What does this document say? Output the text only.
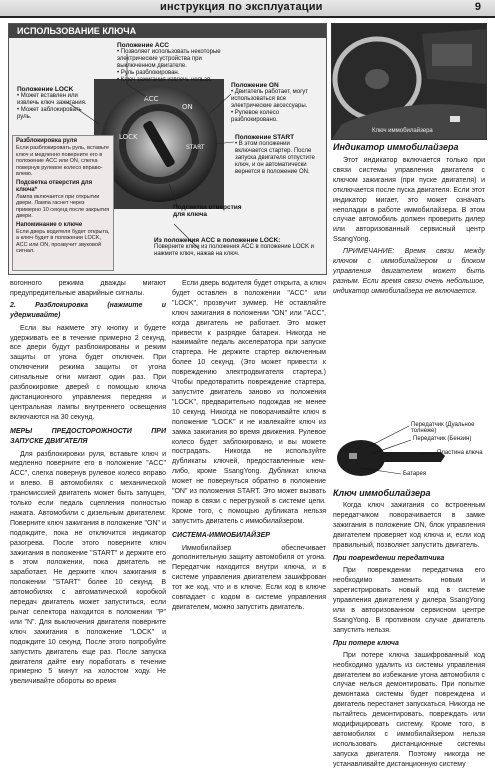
инструкция по эксплуатации	9
ИСПОЛЬЗОВАНИЕ КЛЮЧА
LOCK
ACC
ON
START
Положение ACC
• Позволяет использовать некоторые электрические устройства при выключенном двигателе.
• Руль разблокирован.
• Ключ зажигания извлечь нельзя.
Положение ON
• Двигатель работает, могут использоваться все электрические аксессуары.
• Рулевое колесо разблокировано.
Положение LOCK
• Может вставлен или извлечь ключ зажигания.
• Может заблокировать руль.
Положение START
• В этом положении включается стартер. После запуска двигателя отпустите ключ, и он автоматически вернется в положение ON.
Подсветка отверстия для ключа
Из положения ACC в положение LOCK:
Поверните ключ из положения ACC в положение LOCK и нажмите ключ, нажав на ключ.
Разблокировка руля
Если разблокировать руль, вставьте ключ и медленно поверните его в положение ACC или ON, слегка повернув рулевое колесо вправо-влево.
Подсветка отверстия для ключа*
Лампа включается при открытии двери. Лампа гаснет через примерно 10 секунд после закрытия двери.
Напоминание о ключе
Если дверь водителя будет открыта, а ключ будет в положении LOCK, ACC или ON, прозвучит звуковой сигнал.
Ключ иммобилайзера

вогонного режима дважды мигают предупредительные аварийные сигналы.

2. Разблокировка (нажмите и удерживайте)

Если вы нажмете эту кнопку и будете удерживать ее в течение примерно 2 секунд, все двери будут разблокированы и режим защиты от угона будет отключен. При отключении режима защиты от угона сигнальные огни мигают один раз. При разблокировке дверей с помощью ключа дистанционного управления передняя и центральная лампы внутреннего освещения включаются на 30 секунд.

МЕРЫ ПРЕДОСТОРОЖНОСТИ ПРИ ЗАПУСКЕ ДВИГАТЕЛЯ

Для разблокировки руля, вставьте ключ и медленно поверните его в положение "ACC" ACC", слегка повернув рулевое колесо вправо и влево. В автомобилях с механической трансмиссией двигатель может быть запущен, только если педаль сцепления полностью нажата. Автомобили с дизельным двигателем: Поверните ключ зажигания в положение "ON" и подождите, пока не отключится индикатор разогрева. После этого поверните ключ зажигания в положение "START" и держите его в этом положении, пока двигатель не заработает. Не держите ключ зажигания в положении "START" более 10 секунд. В автомобилях с автоматической коробкой передач двигатель может запуститься, если рычаг селектора находится в положении "P" или "N". Для выключения двигателя поверните ключ зажигания в положение "LOCK" и подождите 10 секунд. После этого попробуйте запустить двигатель еще раз. После запуска двигателя дайте ему поработать в течение примерно 5 минут на холостом ходу. Не увеличивайте обороты во время

Если дверь водителя будет открыта, а ключ будет оставлен в положении "ACC" или "LOCK", прозвучит зуммер. Не оставляйте ключ зажигания в положении "ON" или "ACC", когда двигатель не работает. Это может привести к разрядке батареи. Никогда не нажимайте педаль акселератора при запуске стартера. Не держите стартер включенным более 10 секунд. (Это может привести к повреждению электродвигателя стартера.) Чтобы предотвратить повреждение стартера, запустите двигатель заново из положения "LOCK", предварительно подождав не менее 10 секунд. Никогда не поворачивайте ключ в положение "LOCK" и не извлекайте ключ из замка зажигания во время движения. Рулевое колесо будет заблокировано, и вы можете пострадать. Никогда не используйте дубликаты ключей, предоставленные кем-либо, кроме SsangYong. Дубликат ключа может не повернуться обратно в положение "ON" из положения START. Это может вызвать пожар в связи с перегрузкой в системе цепи. Кроме того, с помощью дубликата нельзя запустить двигатель с иммобилайзером.

СИСТЕМА-ИММОБИЛАЙЗЕР

Иммобилайзер обеспечивает дополнительную защиту автомобиля от угона. Передатчик находится внутри ключа, и в системе управления двигателем зашифрован тот же код, что и в ключе. Если код в ключе совпадает с кодом в системе управления двигателем, можно запустить двигатель.

Индикатор иммобилайзера

Этот индикатор включается только при связи системы управления двигателя с ключом зажигания (при пуске двигателя) и отключается после пуска двигателя. Если этот индикатор мигает, это может означать неполадки в работе иммобилайзера. В этом случае автомобиль должен проверить дилер или авторизованный сервисный центр SsangYong.

ПРИМЕЧАНИЕ: Время связи между ключом с иммобилайзером и блоком управления двигателем может быть разным. Если время связи очень небольшое, индикатор иммобилайзера не включается.

Передатчик (Дуальное толнеже)
Передатчик (Бензин)
Пластина ключа
Батарея
Ключ иммобилайзера

Когда ключ зажигания со встроенным передатчиком поворачивается в замке зажигания в положение ON, блок управления двигателем проверяет код ключа и, если код правильный, позволяет запустить двигатель.

При повреждении передатчика

При повреждении передатчика его необходимо заменить новым и зарегистрировать новый код в системе управления двигателем у дилера SsangYong или в авторизованном сервисном центре SsangYong. В противном случае двигатель запустить нельзя.

При потере ключа

При потере ключа зашифрованный код необходимо удалить из системы управления двигателем во избежание угона автомобиля с случае нелься демонтировать. При попытке демонтажа системы будет повреждена и двигатель перестанет запускаться. Никогда не пытайтесь демонтировать, повреждать или модифицировать систему. Кроме того, в автомобилях с иммобилайзером нельзя использовать дистанционные системы запуска двигателя. Поэтому никогда не устанавливайте дистанционную систему
